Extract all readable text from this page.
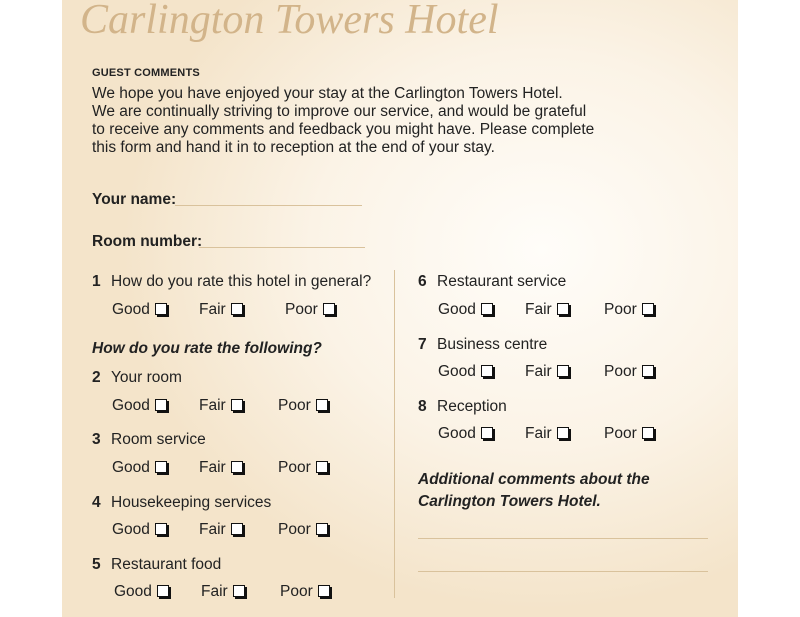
Carlington Towers Hotel
GUEST COMMENTS
We hope you have enjoyed your stay at the Carlington Towers Hotel.
We are continually striving to improve our service, and would be grateful
to receive any comments and feedback you might have. Please complete
this form and hand it in to reception at the end of your stay.
Your name:
Room number:
1 How do you rate this hotel in general?
Good	Fair	Poor
How do you rate the following?
2 Your room
Good	Fair	Poor
3 Room service
Good	Fair	Poor
4 Housekeeping services
Good	Fair	Poor
5 Restaurant food
Good	Fair	Poor
6 Restaurant service
Good	Fair	Poor
7 Business centre
Good	Fair	Poor
8 Reception
Good	Fair	Poor
Additional comments about the
Carlington Towers Hotel.
